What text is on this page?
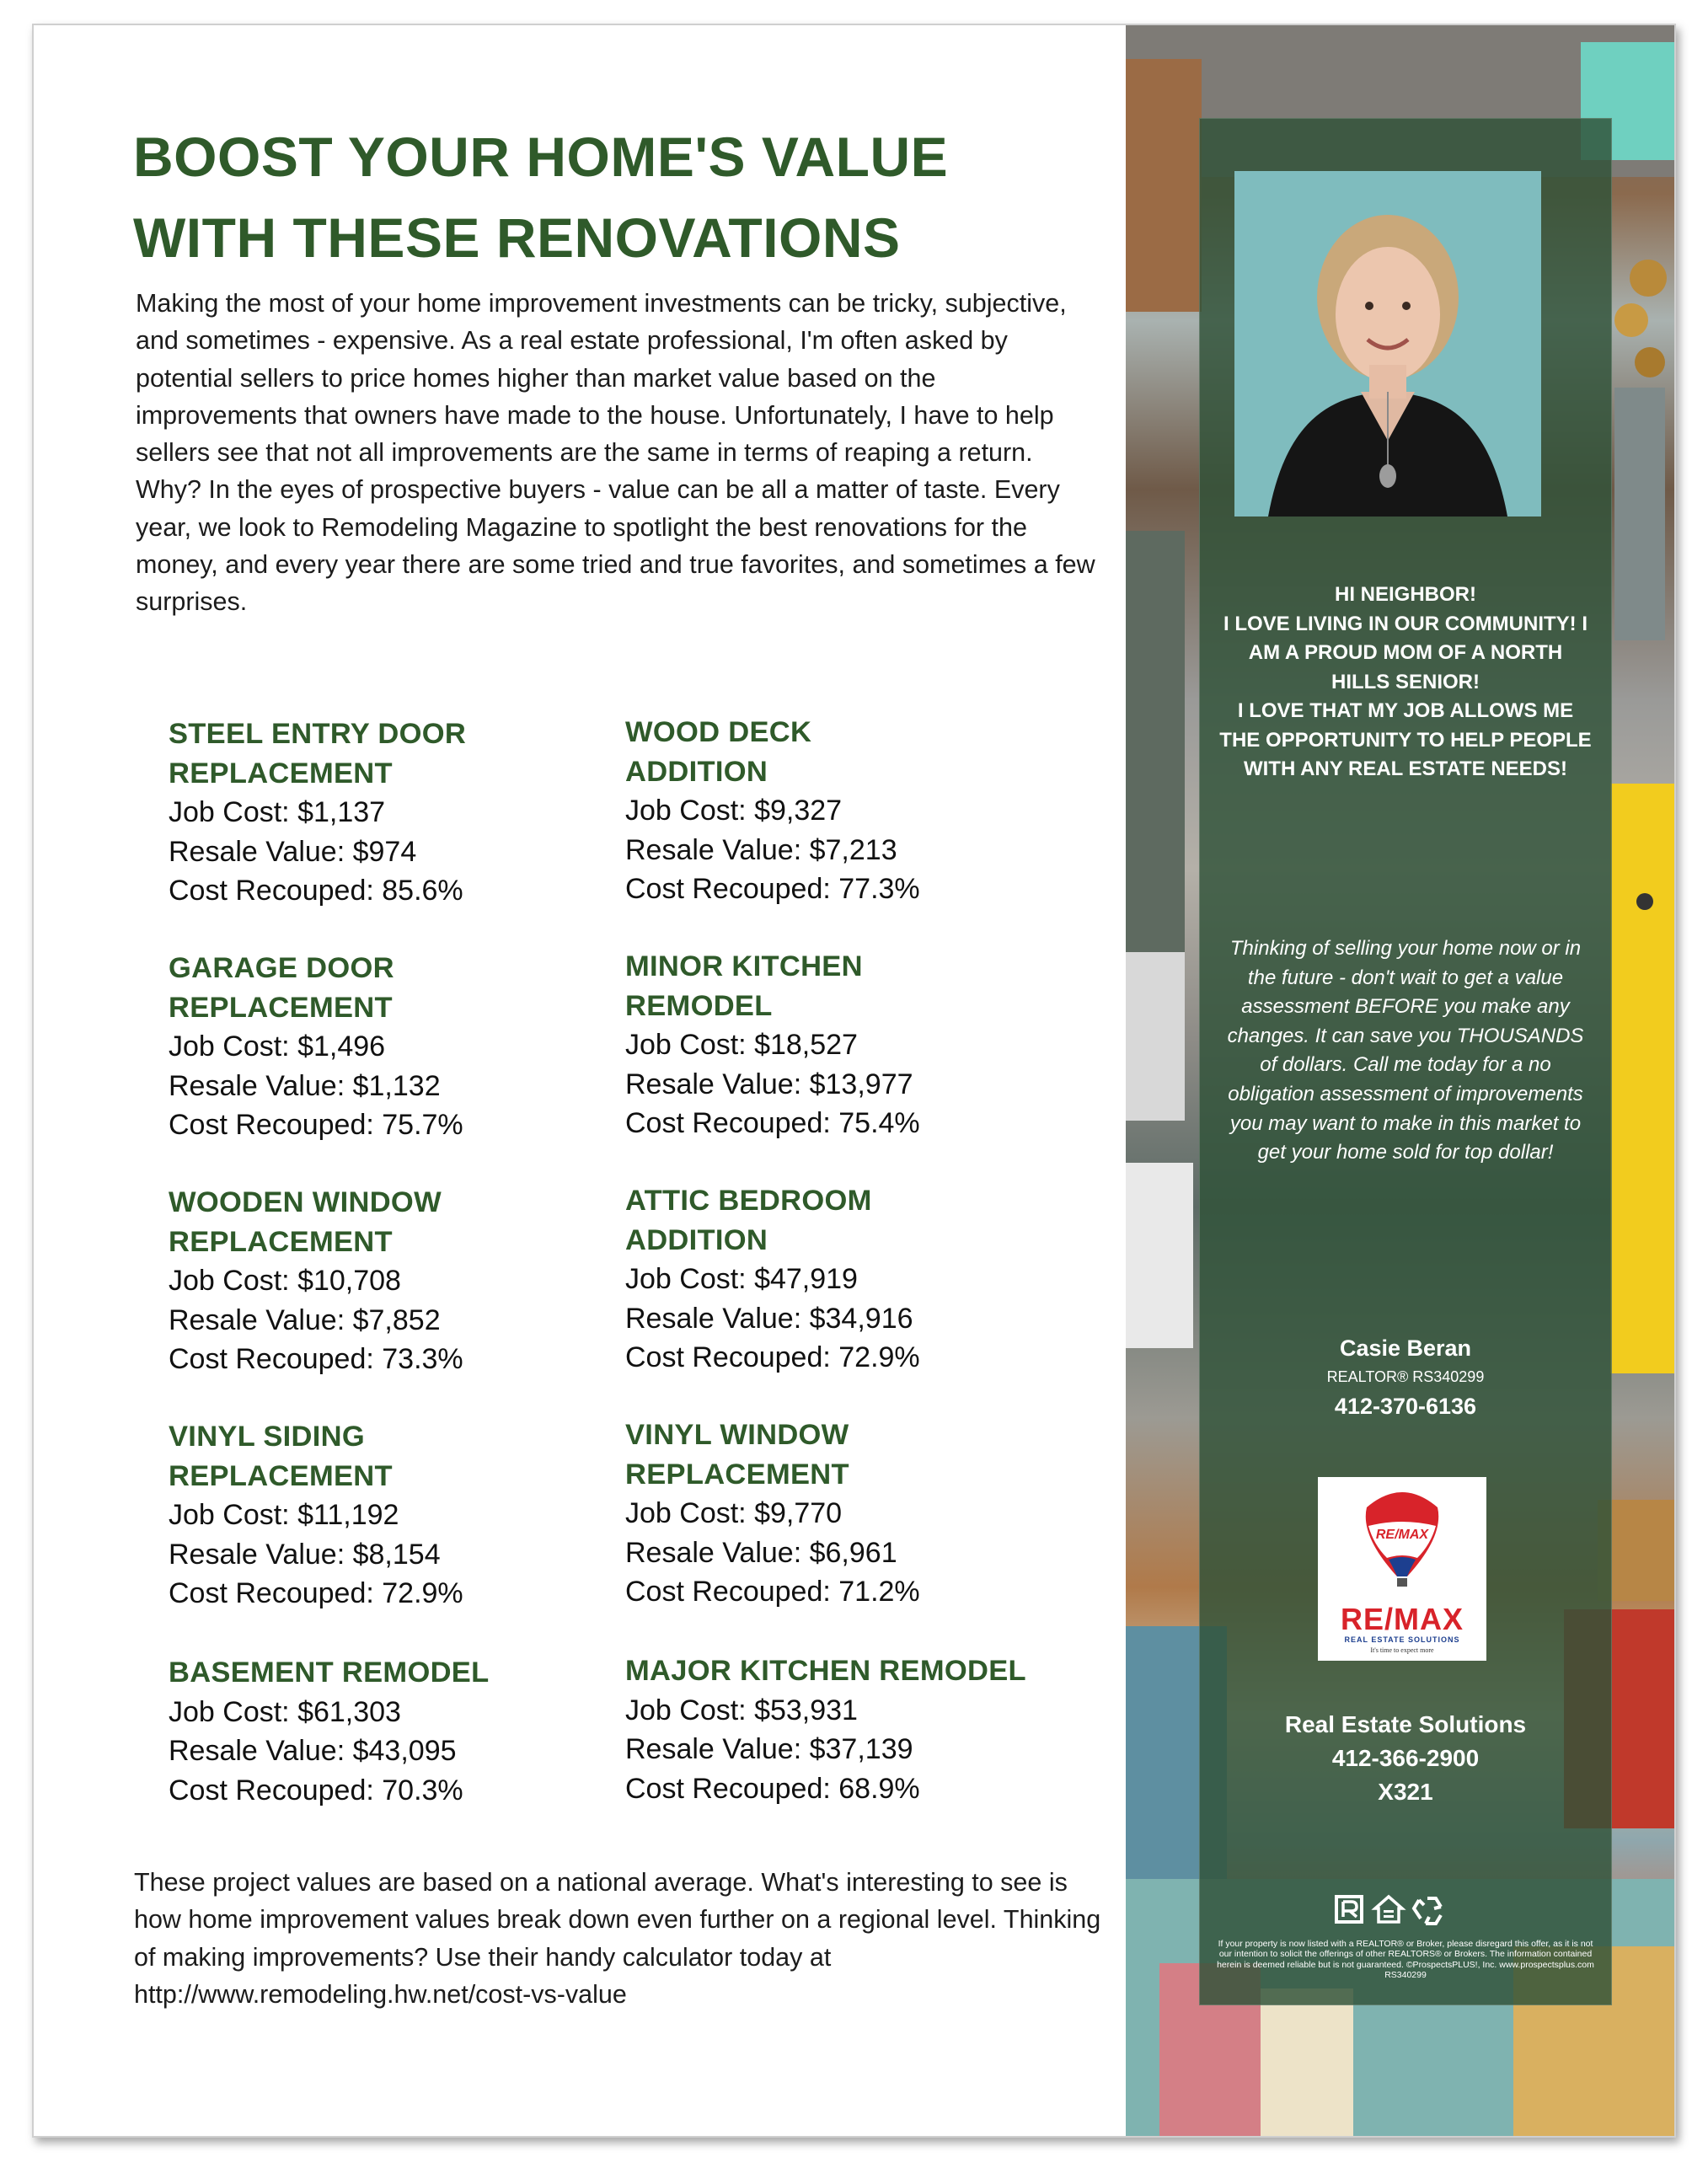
BOOST YOUR HOME'S VALUE
WITH THESE RENOVATIONS

Making the most of your home improvement investments can be tricky, subjective, and sometimes - expensive. As a real estate professional, I'm often asked by potential sellers to price homes higher than market value based on the improvements that owners have made to the house. Unfortunately, I have to help sellers see that not all improvements are the same in terms of reaping a return. Why? In the eyes of prospective buyers - value can be all a matter of taste. Every year, we look to Remodeling Magazine to spotlight the best renovations for the money, and every year there are some tried and true favorites, and sometimes a few surprises.

STEEL ENTRY DOOR REPLACEMENT

Job Cost: $1,137

Resale Value: $974

Cost Recouped: 85.6%

WOOD DECK ADDITION

Job Cost: $9,327

Resale Value: $7,213

Cost Recouped: 77.3%

GARAGE DOOR REPLACEMENT

Job Cost: $1,496

Resale Value: $1,132

Cost Recouped: 75.7%

MINOR KITCHEN REMODEL

Job Cost: $18,527

Resale Value: $13,977

Cost Recouped: 75.4%

WOODEN WINDOW REPLACEMENT

Job Cost: $10,708

Resale Value: $7,852

Cost Recouped: 73.3%

ATTIC BEDROOM ADDITION

Job Cost: $47,919

Resale Value: $34,916

Cost Recouped: 72.9%

VINYL SIDING REPLACEMENT

Job Cost: $11,192

Resale Value: $8,154

Cost Recouped: 72.9%

VINYL WINDOW REPLACEMENT

Job Cost: $9,770

Resale Value: $6,961

Cost Recouped: 71.2%

BASEMENT REMODEL

Job Cost: $61,303

Resale Value: $43,095

Cost Recouped: 70.3%

MAJOR KITCHEN REMODEL

Job Cost: $53,931

Resale Value: $37,139

Cost Recouped: 68.9%

These project values are based on a national average. What's interesting to see is how home improvement values break down even further on a regional level. Thinking of making improvements? Use their handy calculator today at http://www.remodeling.hw.net/cost-vs-value

HI NEIGHBOR!
I LOVE LIVING IN OUR COMMUNITY! I AM A PROUD MOM OF A NORTH HILLS SENIOR!
I LOVE THAT MY JOB ALLOWS ME THE OPPORTUNITY TO HELP PEOPLE WITH ANY REAL ESTATE NEEDS!

Thinking of selling your home now or in the future - don't wait to get a value assessment BEFORE you make any changes. It can save you THOUSANDS of dollars. Call me today for a no obligation assessment of improvements you may want to make in this market to get your home sold for top dollar!

Casie Beran
REALTOR® RS340299
412-370-6136
RE/MAX
RE/MAX
REAL ESTATE SOLUTIONS
It's time to expect more
Real Estate Solutions
412-366-2900
X321

If your property is now listed with a REALTOR® or Broker, please disregard this offer, as it is not our intention to solicit the offerings of other REALTORS® or Brokers. The information contained herein is deemed reliable but is not guaranteed. ©ProspectsPLUS!, Inc. www.prospectsplus.com RS340299
